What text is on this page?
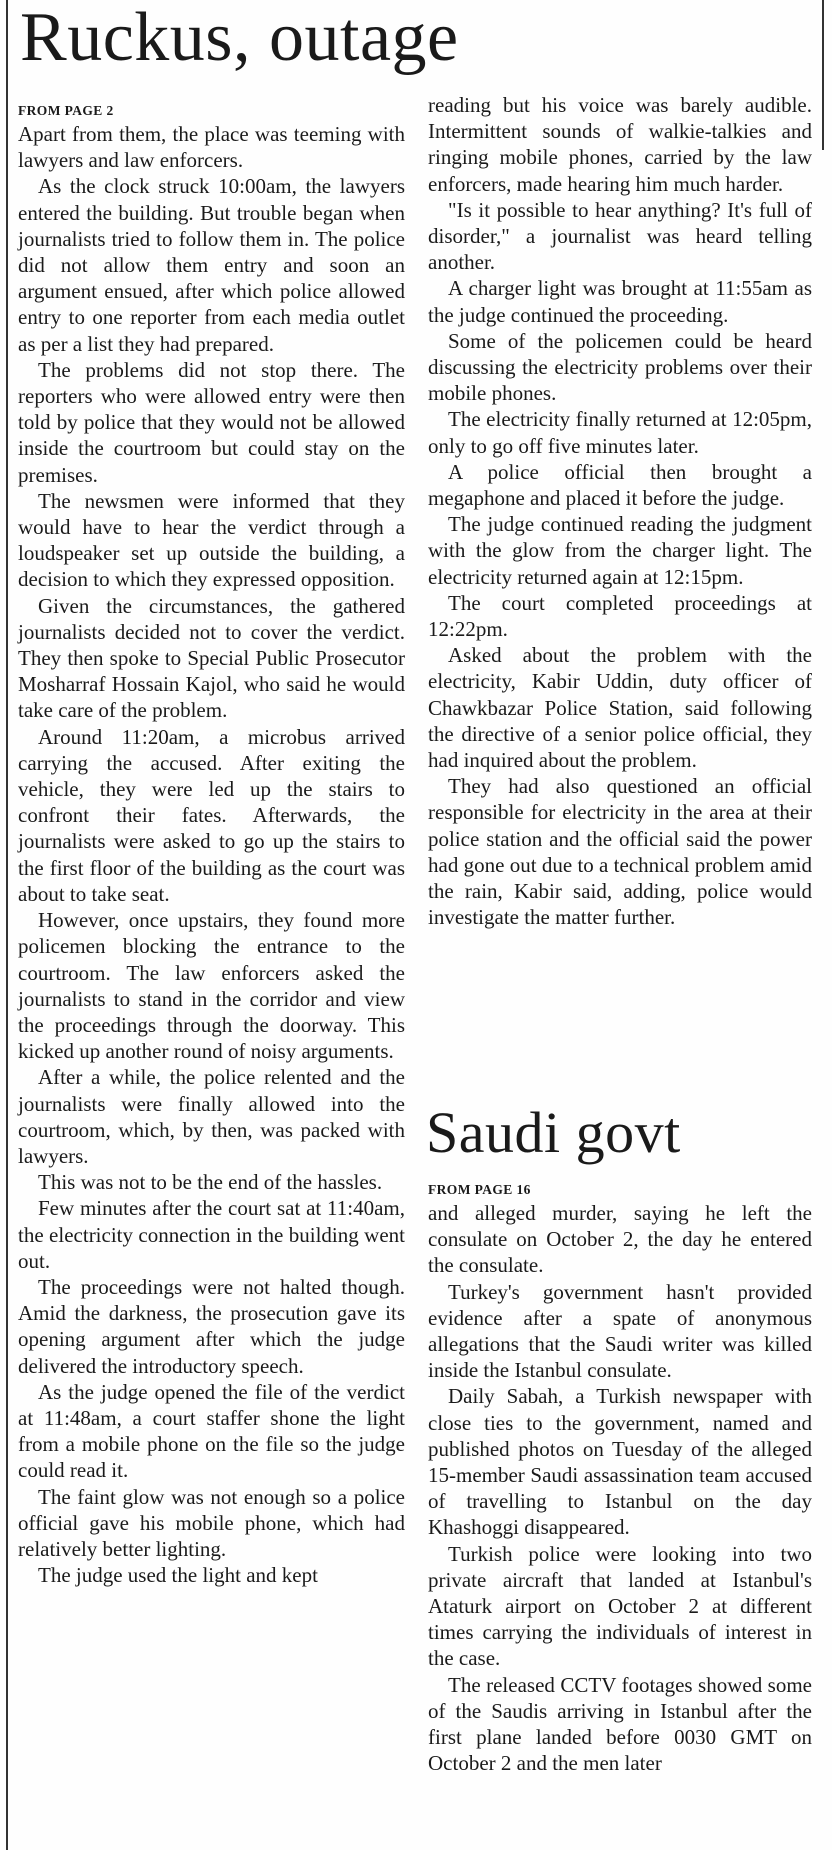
Ruckus, outage
FROM PAGE 2

Apart from them, the place was teeming with lawyers and law enforcers.

As the clock struck 10:00am, the lawyers entered the building. But trouble began when journalists tried to follow them in. The police did not allow them entry and soon an argument ensued, after which police allowed entry to one reporter from each media outlet as per a list they had prepared.

The problems did not stop there. The reporters who were allowed entry were then told by police that they would not be allowed inside the courtroom but could stay on the premises.

The newsmen were informed that they would have to hear the verdict through a loudspeaker set up outside the building, a decision to which they expressed opposition.

Given the circumstances, the gathered journalists decided not to cover the verdict. They then spoke to Special Public Prosecutor Mosharraf Hossain Kajol, who said he would take care of the problem.

Around 11:20am, a microbus arrived carrying the accused. After exiting the vehicle, they were led up the stairs to confront their fates. Afterwards, the journalists were asked to go up the stairs to the first floor of the building as the court was about to take seat.

However, once upstairs, they found more policemen blocking the entrance to the courtroom. The law enforcers asked the journalists to stand in the corridor and view the proceedings through the doorway. This kicked up another round of noisy arguments.

After a while, the police relented and the journalists were finally allowed into the courtroom, which, by then, was packed with lawyers.

This was not to be the end of the hassles.

Few minutes after the court sat at 11:40am, the electricity connection in the building went out.

The proceedings were not halted though. Amid the darkness, the prosecution gave its opening argument after which the judge delivered the introductory speech.

As the judge opened the file of the verdict at 11:48am, a court staffer shone the light from a mobile phone on the file so the judge could read it.

The faint glow was not enough so a police official gave his mobile phone, which had relatively better lighting.

The judge used the light and kept

reading but his voice was barely audible. Intermittent sounds of walkie-talkies and ringing mobile phones, carried by the law enforcers, made hearing him much harder.

"Is it possible to hear anything? It's full of disorder," a journalist was heard telling another.

A charger light was brought at 11:55am as the judge continued the proceeding.

Some of the policemen could be heard discussing the electricity problems over their mobile phones.

The electricity finally returned at 12:05pm, only to go off five minutes later.

A police official then brought a megaphone and placed it before the judge.

The judge continued reading the judgment with the glow from the charger light. The electricity returned again at 12:15pm.

The court completed proceedings at 12:22pm.

Asked about the problem with the electricity, Kabir Uddin, duty officer of Chawkbazar Police Station, said following the directive of a senior police official, they had inquired about the problem.

They had also questioned an official responsible for electricity in the area at their police station and the official said the power had gone out due to a technical problem amid the rain, Kabir said, adding, police would investigate the matter further.

Saudi govt
FROM PAGE 16

and alleged murder, saying he left the consulate on October 2, the day he entered the consulate.

Turkey's government hasn't provided evidence after a spate of anonymous allegations that the Saudi writer was killed inside the Istanbul consulate.

Daily Sabah, a Turkish newspaper with close ties to the government, named and published photos on Tuesday of the alleged 15-member Saudi assassination team accused of travelling to Istanbul on the day Khashoggi disappeared.

Turkish police were looking into two private aircraft that landed at Istanbul's Ataturk airport on October 2 at different times carrying the individuals of interest in the case.

The released CCTV footages showed some of the Saudis arriving in Istanbul after the first plane landed before 0030 GMT on October 2 and the men later
